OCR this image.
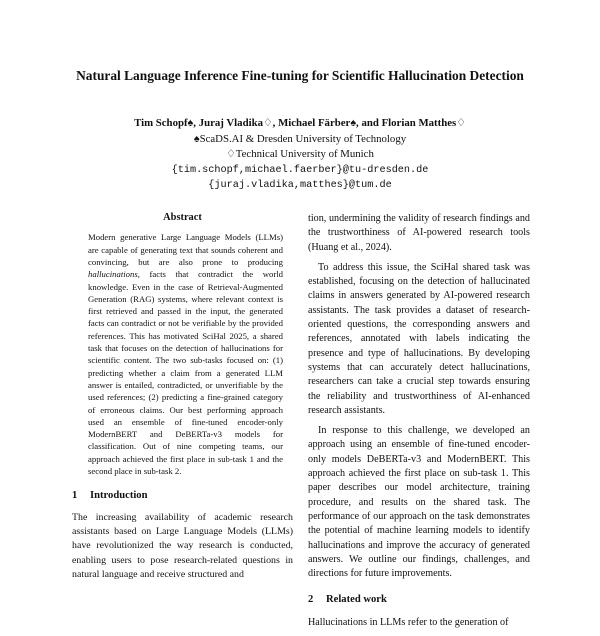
Natural Language Inference Fine-tuning for Scientific Hallucination Detection
Tim Schopf♠, Juraj Vladika♢, Michael Färber♠, and Florian Matthes♢
♠ScaDS.AI & Dresden University of Technology
♢Technical University of Munich
{tim.schopf,michael.faerber}@tu-dresden.de
{juraj.vladika,matthes}@tum.de
Abstract
Modern generative Large Language Models (LLMs) are capable of generating text that sounds coherent and convincing, but are also prone to producing hallucinations, facts that contradict the world knowledge. Even in the case of Retrieval-Augmented Generation (RAG) systems, where relevant context is first retrieved and passed in the input, the generated facts can contradict or not be verifiable by the provided references. This has motivated SciHal 2025, a shared task that focuses on the detection of hallucinations for scientific content. The two sub-tasks focused on: (1) predicting whether a claim from a generated LLM answer is entailed, contradicted, or unverifiable by the used references; (2) predicting a fine-grained category of erroneous claims. Our best performing approach used an ensemble of fine-tuned encoder-only ModernBERT and DeBERTa-v3 models for classification. Out of nine competing teams, our approach achieved the first place in sub-task 1 and the second place in sub-task 2.
1 Introduction
The increasing availability of academic research assistants based on Large Language Models (LLMs) have revolutionized the way research is conducted, enabling users to pose research-related questions in natural language and receive structured and

tion, undermining the validity of research findings and the trustworthiness of AI-powered research tools (Huang et al., 2024).

To address this issue, the SciHal shared task was established, focusing on the detection of hallucinated claims in answers generated by AI-powered research assistants. The task provides a dataset of research-oriented questions, the corresponding answers and references, annotated with labels indicating the presence and type of hallucinations. By developing systems that can accurately detect hallucinations, researchers can take a crucial step towards ensuring the reliability and trustworthiness of AI-enhanced research assistants.

In response to this challenge, we developed an approach using an ensemble of fine-tuned encoder-only models DeBERTa-v3 and ModernBERT. This approach achieved the first place on sub-task 1. This paper describes our model architecture, training procedure, and results on the shared task. The performance of our approach on the task demonstrates the potential of machine learning models to identify hallucinations and improve the accuracy of generated answers. We outline our findings, challenges, and directions for future improvements.

2 Related work

Hallucinations in LLMs refer to the generation of
